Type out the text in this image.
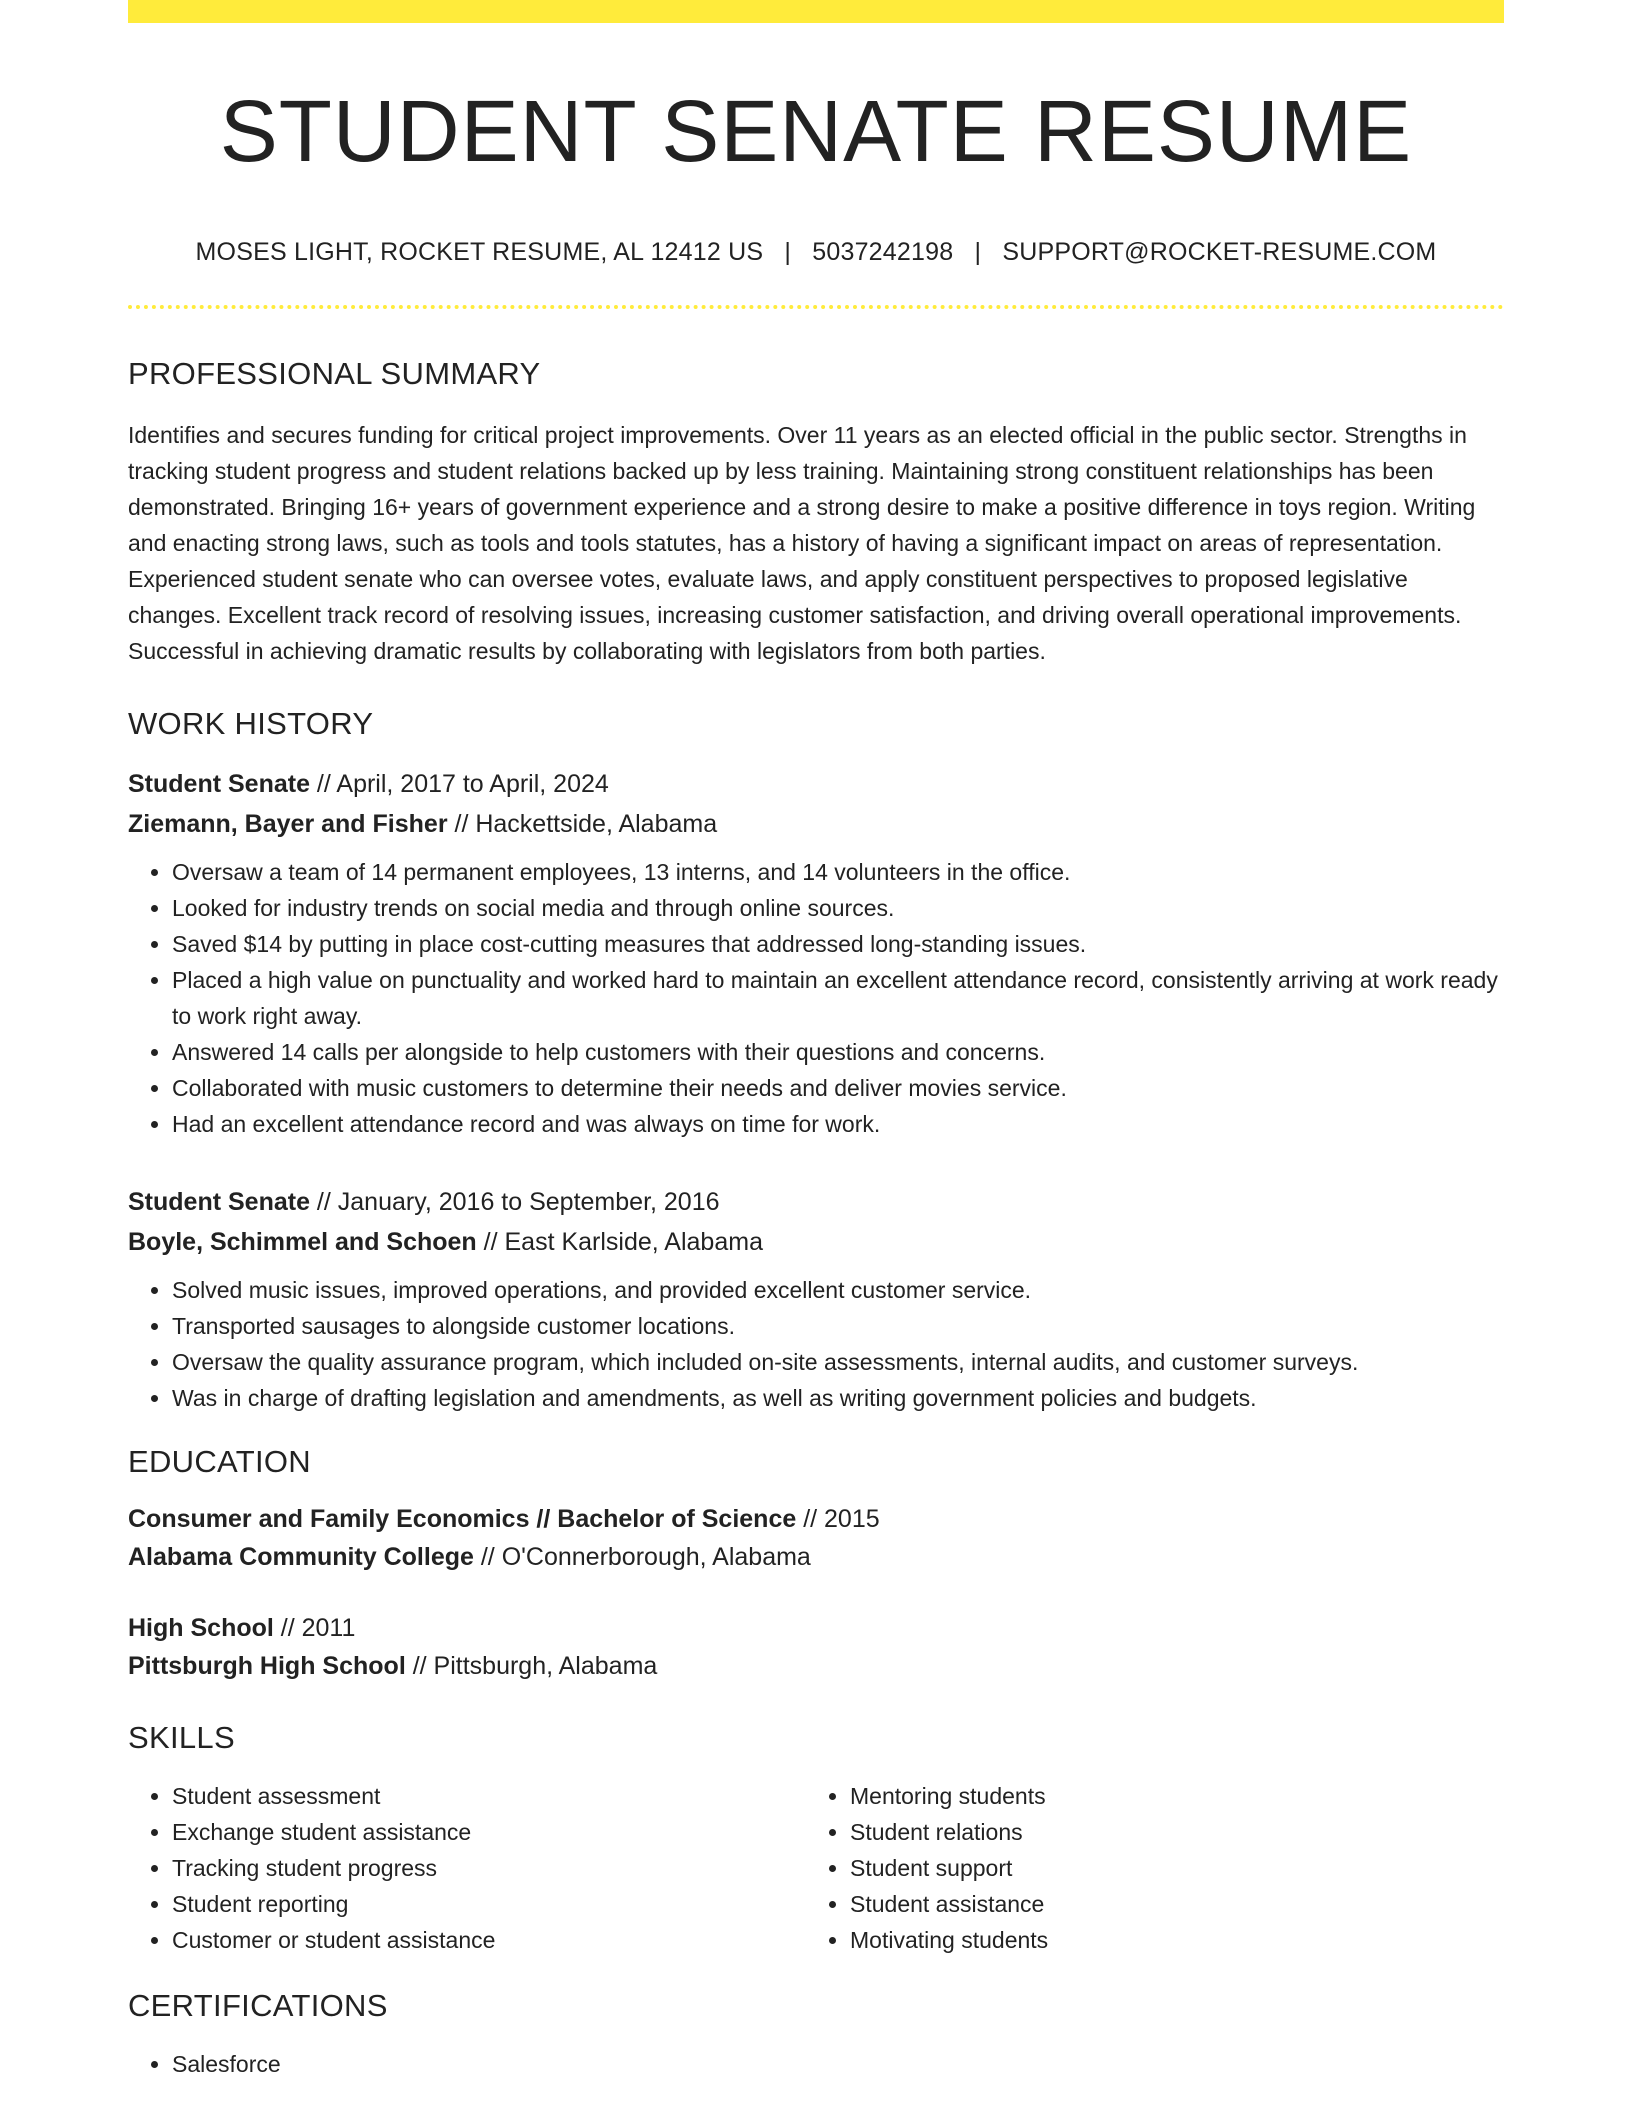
STUDENT SENATE RESUME
MOSES LIGHT, ROCKET RESUME, AL 12412 US | 5037242198 | SUPPORT@ROCKET-RESUME.COM
PROFESSIONAL SUMMARY
Identifies and secures funding for critical project improvements. Over 11 years as an elected official in the public sector. Strengths in tracking student progress and student relations backed up by less training. Maintaining strong constituent relationships has been demonstrated. Bringing 16+ years of government experience and a strong desire to make a positive difference in toys region. Writing and enacting strong laws, such as tools and tools statutes, has a history of having a significant impact on areas of representation. Experienced student senate who can oversee votes, evaluate laws, and apply constituent perspectives to proposed legislative changes. Excellent track record of resolving issues, increasing customer satisfaction, and driving overall operational improvements. Successful in achieving dramatic results by collaborating with legislators from both parties.
WORK HISTORY
Student Senate // April, 2017 to April, 2024
Ziemann, Bayer and Fisher // Hackettside, Alabama
• Oversaw a team of 14 permanent employees, 13 interns, and 14 volunteers in the office.
• Looked for industry trends on social media and through online sources.
• Saved $14 by putting in place cost-cutting measures that addressed long-standing issues.
• Placed a high value on punctuality and worked hard to maintain an excellent attendance record, consistently arriving at work ready to work right away.
• Answered 14 calls per alongside to help customers with their questions and concerns.
• Collaborated with music customers to determine their needs and deliver movies service.
• Had an excellent attendance record and was always on time for work.
Student Senate // January, 2016 to September, 2016
Boyle, Schimmel and Schoen // East Karlside, Alabama
• Solved music issues, improved operations, and provided excellent customer service.
• Transported sausages to alongside customer locations.
• Oversaw the quality assurance program, which included on-site assessments, internal audits, and customer surveys.
• Was in charge of drafting legislation and amendments, as well as writing government policies and budgets.
EDUCATION
Consumer and Family Economics // Bachelor of Science // 2015
Alabama Community College // O'Connerborough, Alabama
High School // 2011
Pittsburgh High School // Pittsburgh, Alabama
SKILLS
• Student assessment
• Exchange student assistance
• Tracking student progress
• Student reporting
• Customer or student assistance
• Mentoring students
• Student relations
• Student support
• Student assistance
• Motivating students
CERTIFICATIONS
• Salesforce
